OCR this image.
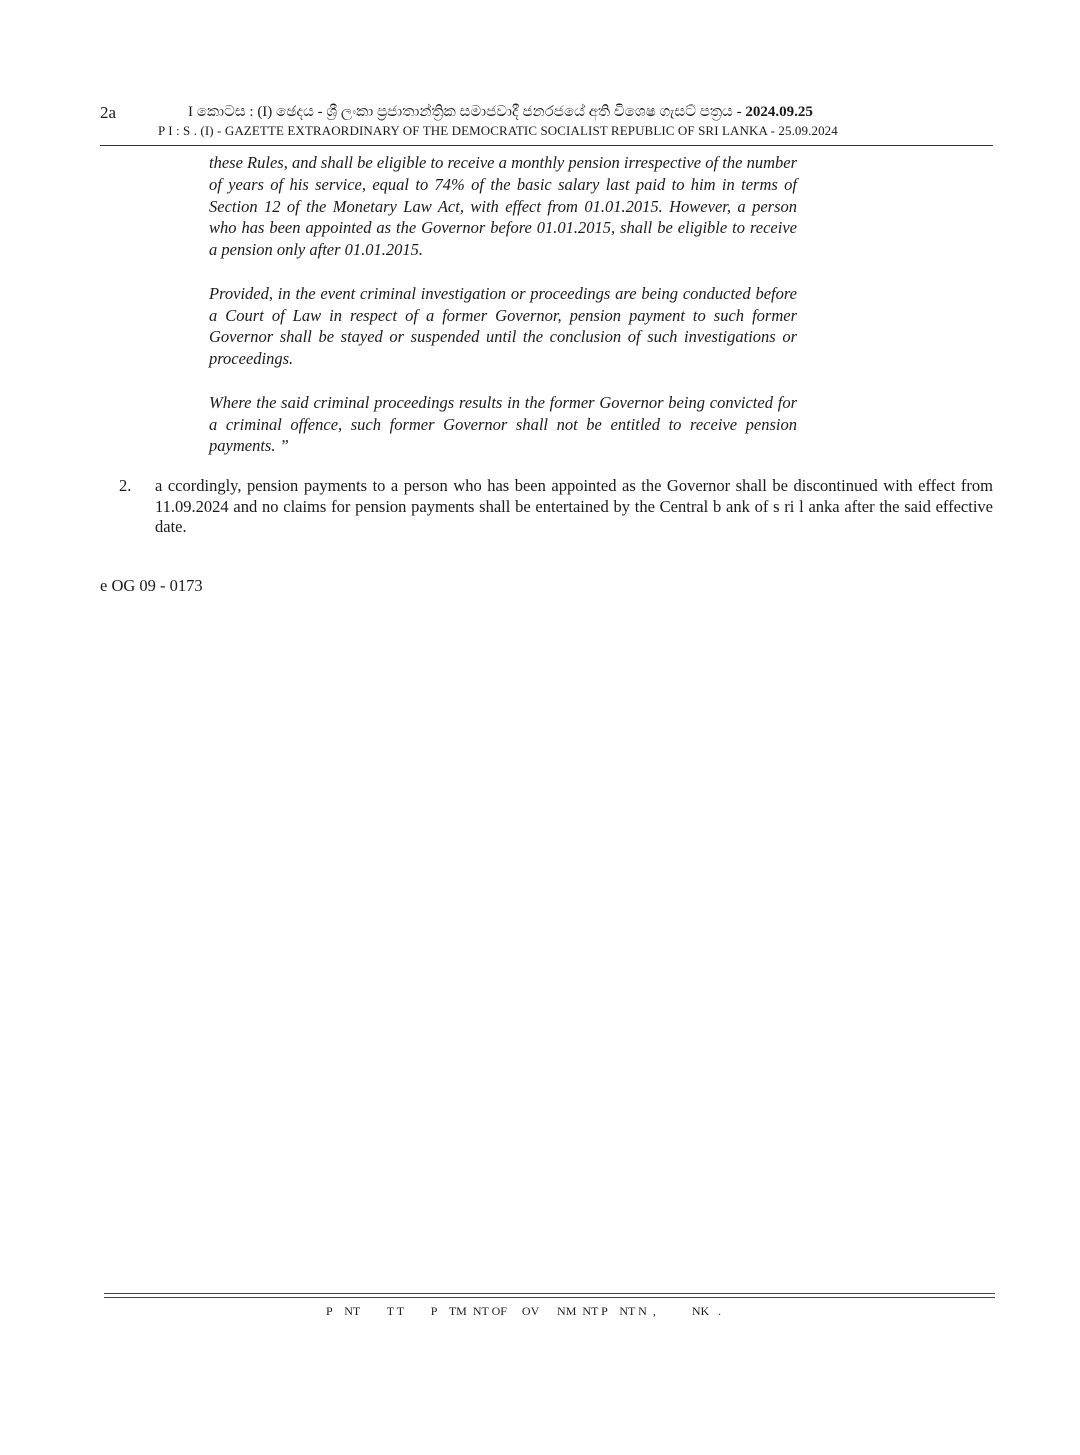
2a	I කොටස : (I) ඡෙදය - ශ්‍රී ලංකා ප්‍රජාතාන්ත්‍රික සමාජවාදී ජනරජයේ අති විශෙෂ ගැසට් පත්‍රය - 2024.09.25
P I : S . (I) - GAZETTE EXTRAORDINARY OF THE DEMOCRATIC SOCIALIST REPUBLIC OF SRI LANKA - 25.09.2024

these Rules, and shall be eligible to receive a monthly pension irrespective of the number of years of his service, equal to 74% of the basic salary last paid to him in terms of Section 12 of the Monetary Law Act, with effect from 01.01.2015. However, a person who has been appointed as the Governor before 01.01.2015, shall be eligible to receive a pension only after 01.01.2015.

Provided, in the event criminal investigation or proceedings are being conducted before a Court of Law in respect of a former Governor, pension payment to such former Governor shall be stayed or suspended until the conclusion of such investigations or proceedings.

Where the said criminal proceedings results in the former Governor being convicted for a criminal offence, such former Governor shall not be entitled to receive pension payments. ”

2. a ccordingly, pension payments to a person who has been appointed as the Governor shall be discontinued with effect from 11.09.2024 and no claims for pension payments shall be entertained by the Central b ank of s ri l anka after the said effective date.
e OG 09 - 0173
P    NT         T T         P    TM  NT OF     OV      NM  NT P    NT N  ,            NK   .
